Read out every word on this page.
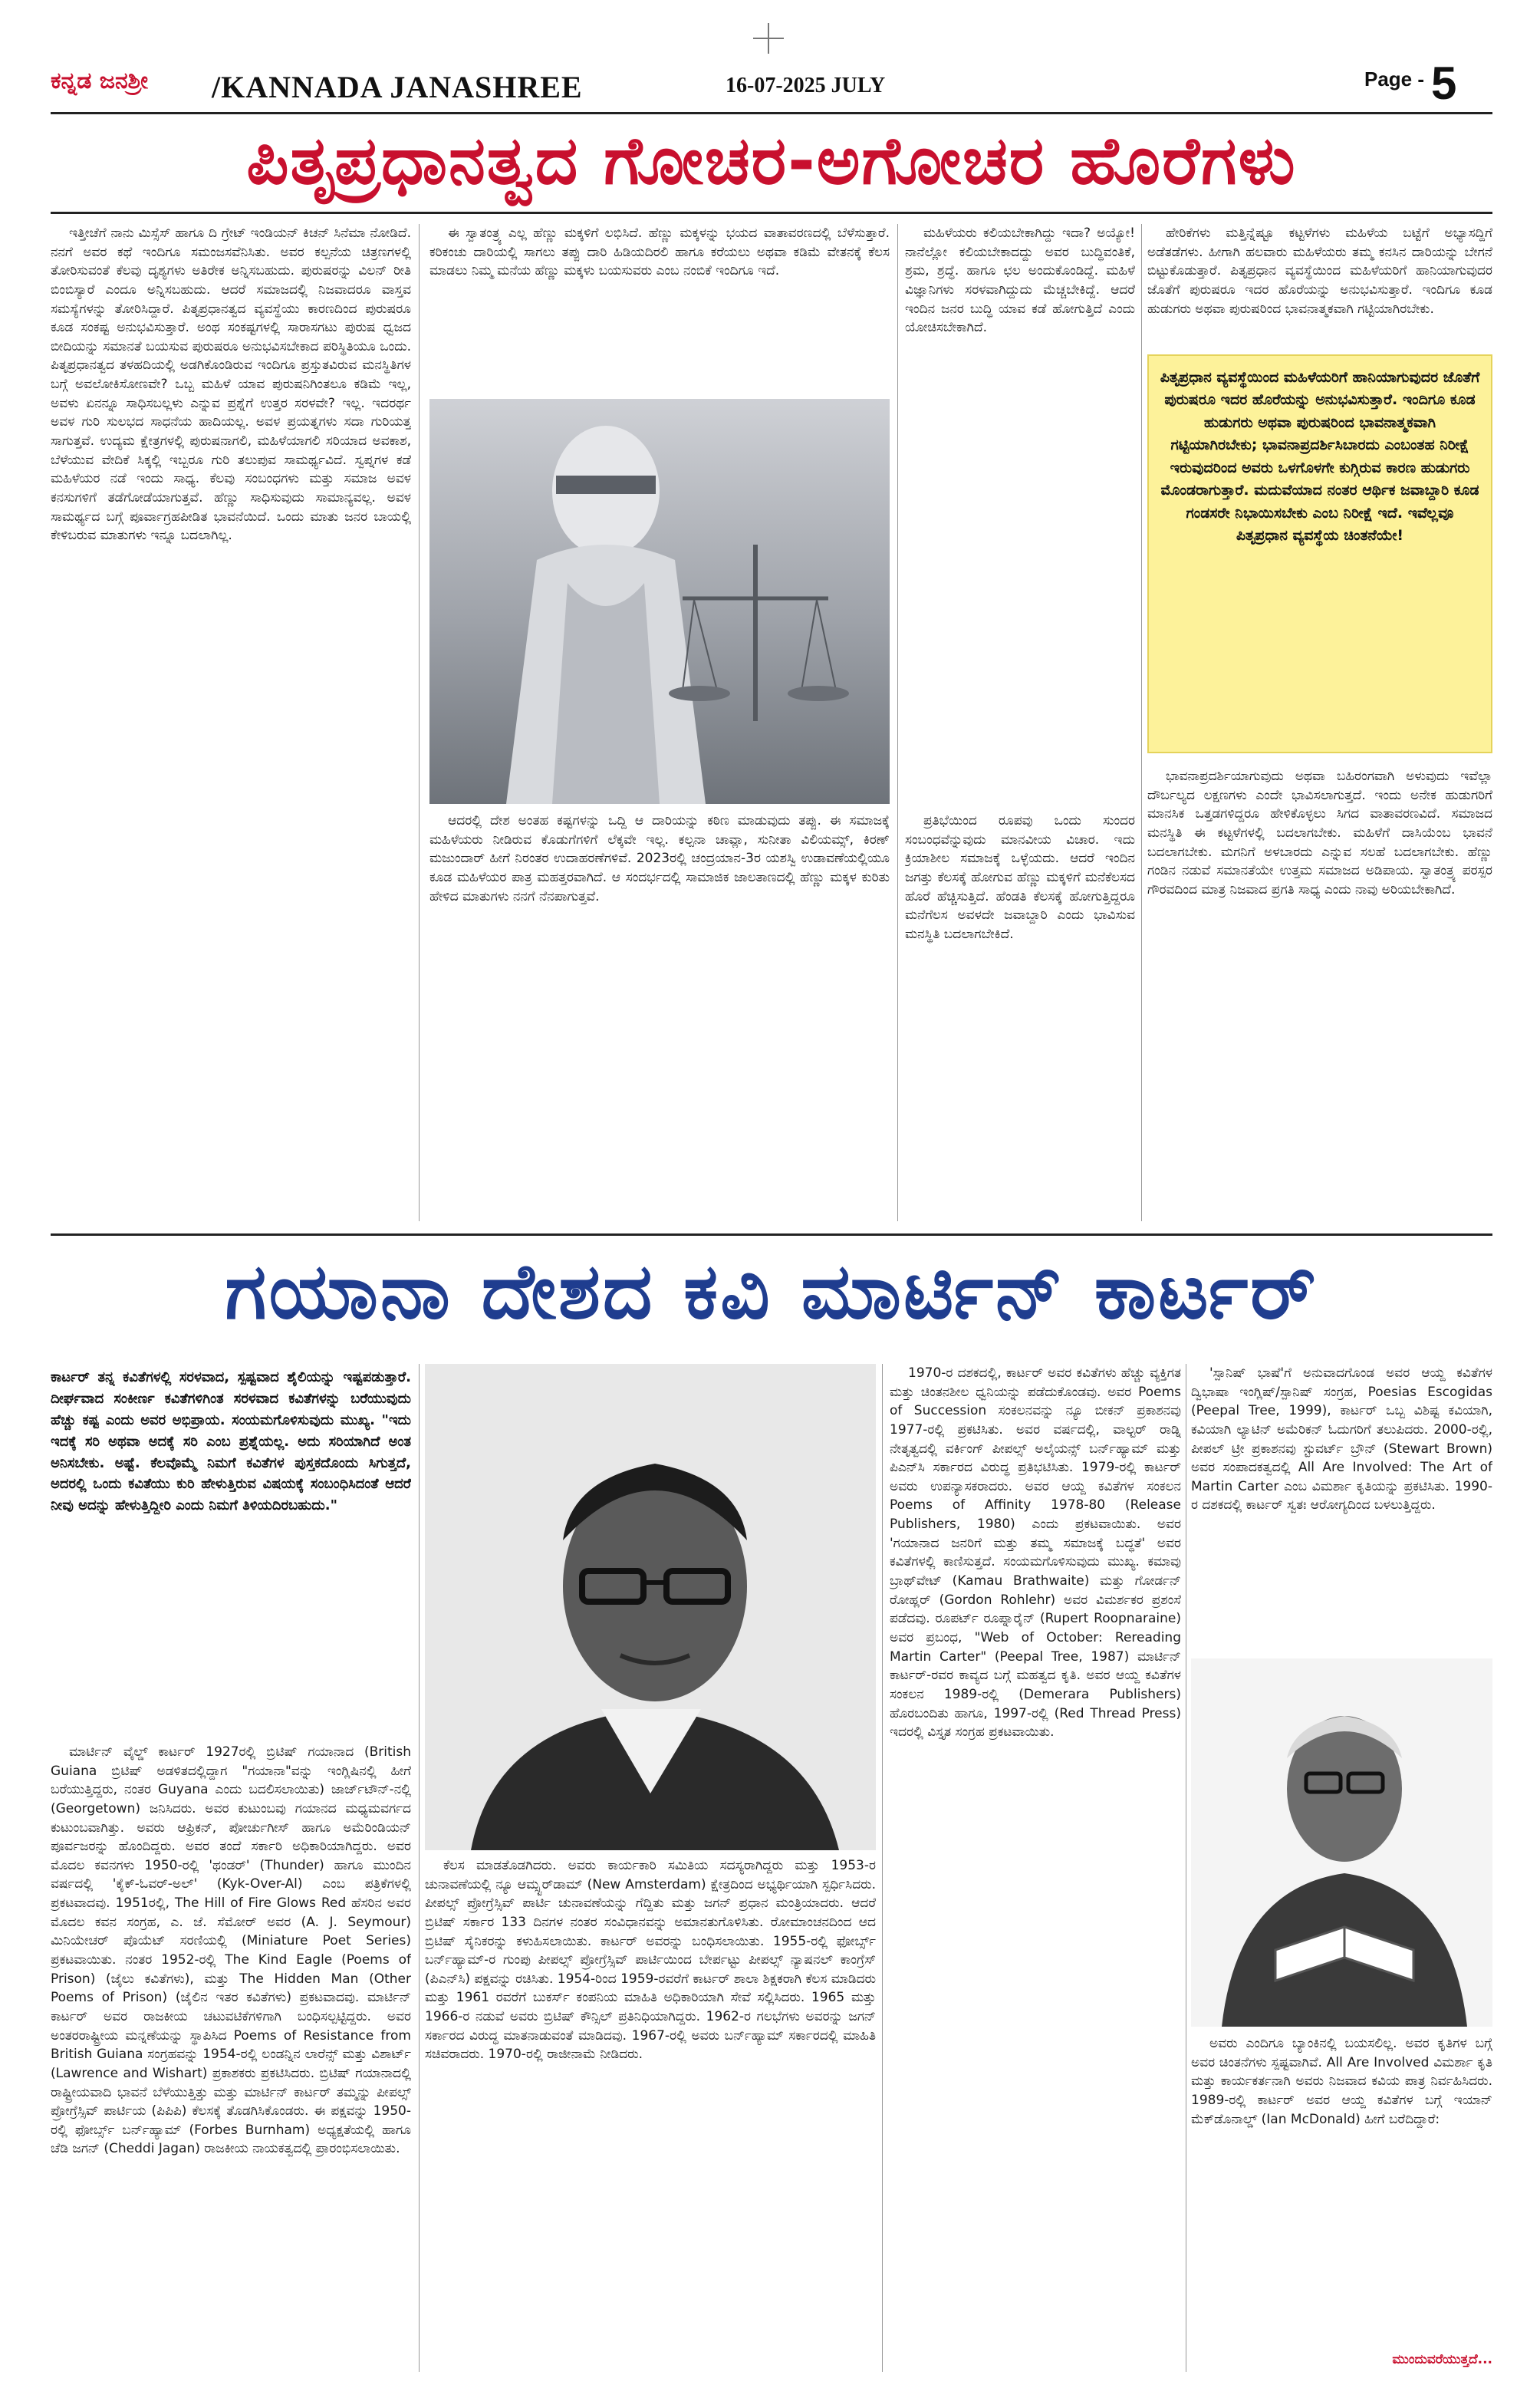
ಕನ್ನಡ ಜನಶ್ರೀ /KANNADA JANASHREE	16-07-2025 JULY	Page - 5
ಪಿತೃಪ್ರಧಾನತ್ವದ ಗೋಚರ-ಅಗೋಚರ ಹೊರೆಗಳು

ಇತ್ತೀಚೆಗೆ ನಾನು ಮಿಸ್ಸೆಸ್ ಹಾಗೂ ದಿ ಗ್ರೇಟ್ ಇಂಡಿಯನ್ ಕಿಚನ್ ಸಿನೆಮಾ ನೋಡಿದೆ. ನನಗೆ ಅವರ ಕಥೆ ಇಂದಿಗೂ ಸಮಂಜಸವೆನಿಸಿತು. ಅವರ ಕಲ್ಪನೆಯ ಚಿತ್ರಣಗಳಲ್ಲಿ ತೋರಿಸುವಂತೆ ಕೆಲವು ದೃಶ್ಯಗಳು ಅತಿರೇಕ ಅನ್ನಿಸಬಹುದು. ಪುರುಷರನ್ನು ವಿಲನ್ ರೀತಿ ಬಿಂಬಿಸ್ಯಾರೆ ಎಂದೂ ಅನ್ನಿಸಬಹುದು. ಆದರೆ ಸಮಾಜದಲ್ಲಿ ನಿಜವಾದರೂ ವಾಸ್ತವ ಸಮಸ್ಯೆಗಳನ್ನು ತೋರಿಸಿದ್ದಾರೆ. ಪಿತೃಪ್ರಧಾನತ್ವದ ವ್ಯವಸ್ಥೆಯು ಕಾರಣದಿಂದ ಪುರುಷರೂ ಕೂಡ ಸಂಕಷ್ಟ ಅನುಭವಿಸುತ್ತಾರೆ. ಅಂಥ ಸಂಕಷ್ಟಗಳಲ್ಲಿ ಸಾರಾಸಗಟು ಪುರುಷ ಧ್ವಜದ ಬೀದಿಯನ್ನು ಸಮಾನತೆ ಬಯಸುವ ಪುರುಷರೂ ಅನುಭವಿಸಬೇಕಾದ ಪರಿಸ್ಥಿತಿಯೂ ಒಂದು. ಪಿತೃಪ್ರಧಾನತ್ವದ ತಳಹದಿಯಲ್ಲಿ ಅಡಗಿಕೊಂಡಿರುವ ಇಂದಿಗೂ ಪ್ರಸ್ತುತವಿರುವ ಮನಸ್ಥಿತಿಗಳ ಬಗ್ಗೆ ಅವಲೋಕಿಸೋಣವೇ? ಒಬ್ಬ ಮಹಿಳೆ ಯಾವ ಪುರುಷನಿಗಿಂತಲೂ ಕಡಿಮೆ ಇಲ್ಲ, ಅವಳು ಏನನ್ನೂ ಸಾಧಿಸಬಲ್ಲಳು ಎನ್ನುವ ಪ್ರಶ್ನೆಗೆ ಉತ್ತರ ಸರಳವೇ? ಇಲ್ಲ. ಇದರರ್ಥ ಅವಳ ಗುರಿ ಸುಲಭದ ಸಾಧನೆಯ ಹಾದಿಯಲ್ಲ. ಅವಳ ಪ್ರಯತ್ನಗಳು ಸದಾ ಗುರಿಯತ್ತ ಸಾಗುತ್ತವೆ. ಉದ್ಯಮ ಕ್ಷೇತ್ರಗಳಲ್ಲಿ ಪುರುಷನಾಗಲಿ, ಮಹಿಳೆಯಾಗಲಿ ಸರಿಯಾದ ಅವಕಾಶ, ಬೆಳೆಯುವ ವೇದಿಕೆ ಸಿಕ್ಕಲ್ಲಿ ಇಬ್ಬರೂ ಗುರಿ ತಲುಪುವ ಸಾಮರ್ಥ್ಯವಿದೆ. ಸ್ವಪ್ನಗಳ ಕಡೆ ಮಹಿಳೆಯರ ನಡೆ ಇಂದು ಸಾಧ್ಯ. ಕೆಲವು ಸಂಬಂಧಗಳು ಮತ್ತು ಸಮಾಜ ಅವಳ ಕನಸುಗಳಿಗೆ ತಡೆಗೋಡೆಯಾಗುತ್ತವೆ. ಹೆಣ್ಣು ಸಾಧಿಸುವುದು ಸಾಮಾನ್ಯವಲ್ಲ. ಅವಳ ಸಾಮರ್ಥ್ಯದ ಬಗ್ಗೆ ಪೂರ್ವಾಗ್ರಹಪೀಡಿತ ಭಾವನೆಯಿದೆ. ಒಂದು ಮಾತು ಜನರ ಬಾಯಲ್ಲಿ ಕೇಳಿಬರುವ ಮಾತುಗಳು ಇನ್ನೂ ಬದಲಾಗಿಲ್ಲ.

ಈ ಸ್ವಾತಂತ್ರ್ಯ ಎಲ್ಲ ಹೆಣ್ಣು ಮಕ್ಕಳಿಗೆ ಲಭಿಸಿದೆ. ಹೆಣ್ಣು ಮಕ್ಕಳನ್ನು ಭಯದ ವಾತಾವರಣದಲ್ಲಿ ಬೆಳೆಸುತ್ತಾರೆ. ಕರಿಕಂಚು ದಾರಿಯಲ್ಲಿ ಸಾಗಲು ತಪ್ಪು ದಾರಿ ಹಿಡಿಯದಿರಲಿ ಹಾಗೂ ಕರೆಯಲು ಅಥವಾ ಕಡಿಮೆ ವೇತನಕ್ಕೆ ಕೆಲಸ ಮಾಡಲು ನಿಮ್ಮ ಮನೆಯ ಹೆಣ್ಣು ಮಕ್ಕಳು ಬಯಸುವರು ಎಂಬ ನಂಬಿಕೆ ಇಂದಿಗೂ ಇದೆ.

ಆದರಲ್ಲಿ ದೇಶ ಅಂತಹ ಕಷ್ಟಗಳನ್ನು ಒದ್ದಿ ಆ ದಾರಿಯನ್ನು ಕಠಿಣ ಮಾಡುವುದು ತಪ್ಪು. ಈ ಸಮಾಜಕ್ಕೆ ಮಹಿಳೆಯರು ನೀಡಿರುವ ಕೊಡುಗೆಗಳಿಗೆ ಲೆಕ್ಕವೇ ಇಲ್ಲ. ಕಲ್ಪನಾ ಚಾವ್ಲಾ, ಸುನೀತಾ ವಿಲಿಯಮ್ಸ್‌, ಕಿರಣ್ ಮಜುಂದಾರ್ ಹೀಗೆ ನಿರಂತರ ಉದಾಹರಣೆಗಳಿವೆ. 2023ರಲ್ಲಿ ಚಂದ್ರಯಾನ-3ರ ಯಶಸ್ವಿ ಉಡಾವಣೆಯಲ್ಲಿಯೂ ಕೂಡ ಮಹಿಳೆಯರ ಪಾತ್ರ ಮಹತ್ತರವಾಗಿದೆ. ಆ ಸಂದರ್ಭದಲ್ಲಿ ಸಾಮಾಜಿಕ ಜಾಲತಾಣದಲ್ಲಿ ಹೆಣ್ಣು ಮಕ್ಕಳ ಕುರಿತು ಹೇಳಿದ ಮಾತುಗಳು ನನಗೆ ನೆನಪಾಗುತ್ತವೆ.

ಮಹಿಳೆಯರು ಕಲಿಯಬೇಕಾಗಿದ್ದು ಇದಾ? ಅಯ್ಯೋ! ನಾನೆಲ್ಲೋ ಕಲಿಯಬೇಕಾದದ್ದು ಅವರ ಬುದ್ಧಿವಂತಿಕೆ, ಶ್ರಮ, ಶ್ರದ್ಧೆ. ಹಾಗೂ ಛಲ ಅಂದುಕೊಂಡಿದ್ದೆ. ಮಹಿಳೆ ವಿಜ್ಞಾನಿಗಳು ಸರಳವಾಗಿದ್ದುದು ಮೆಚ್ಚಬೇಕಿದ್ದೆ. ಆದರೆ ಇಂದಿನ ಜನರ ಬುದ್ಧಿ ಯಾವ ಕಡೆ ಹೋಗುತ್ತಿದೆ ಎಂದು ಯೋಚಿಸಬೇಕಾಗಿದೆ.

ಪ್ರತಿಭೆಯಿಂದ ರೂಪವು ಒಂದು ಸುಂದರ ಸಂಬಂಧವೆನ್ನುವುದು ಮಾನವೀಯ ವಿಚಾರ. ಇದು ಕ್ರಿಯಾಶೀಲ ಸಮಾಜಕ್ಕೆ ಒಳ್ಳೆಯದು. ಆದರೆ ಇಂದಿನ ಜಗತ್ತು ಕೆಲಸಕ್ಕೆ ಹೋಗುವ ಹೆಣ್ಣು ಮಕ್ಕಳಿಗೆ ಮನೆಕೆಲಸದ ಹೊರೆ ಹೆಚ್ಚಿಸುತ್ತಿದೆ. ಹೆಂಡತಿ ಕೆಲಸಕ್ಕೆ ಹೋಗುತ್ತಿದ್ದರೂ ಮನೆಗೆಲಸ ಅವಳದೇ ಜವಾಬ್ದಾರಿ ಎಂದು ಭಾವಿಸುವ ಮನಸ್ಥಿತಿ ಬದಲಾಗಬೇಕಿದೆ.

ಹೇರಿಕೆಗಳು ಮತ್ತಿನ್ನೆಷ್ಟೂ ಕಟ್ಟಳೆಗಳು ಮಹಿಳೆಯ ಬಟ್ಟೆಗೆ ಅಭ್ಯಾಸದ್ದಿಗೆ ಅಡೆತಡೆಗಳು. ಹೀಗಾಗಿ ಹಲವಾರು ಮಹಿಳೆಯರು ತಮ್ಮ ಕನಸಿನ ದಾರಿಯನ್ನು ಬೇಗನೆ ಬಿಟ್ಟುಕೊಡುತ್ತಾರೆ. ಪಿತೃಪ್ರಧಾನ ವ್ಯವಸ್ಥೆಯಿಂದ ಮಹಿಳೆಯರಿಗೆ ಹಾನಿಯಾಗುವುದರ ಜೊತೆಗೆ ಪುರುಷರೂ ಇದರ ಹೊರೆಯನ್ನು ಅನುಭವಿಸುತ್ತಾರೆ. ಇಂದಿಗೂ ಕೂಡ ಹುಡುಗರು ಅಥವಾ ಪುರುಷರಿಂದ ಭಾವನಾತ್ಮಕವಾಗಿ ಗಟ್ಟಿಯಾಗಿರಬೇಕು.

ಪಿತೃಪ್ರಧಾನ ವ್ಯವಸ್ಥೆಯಿಂದ ಮಹಿಳೆಯರಿಗೆ ಹಾನಿಯಾಗುವುದರ ಜೊತೆಗೆ ಪುರುಷರೂ ಇದರ ಹೊರೆಯನ್ನು ಅನುಭವಿಸುತ್ತಾರೆ. ಇಂದಿಗೂ ಕೂಡ ಹುಡುಗರು ಅಥವಾ ಪುರುಷರಿಂದ ಭಾವನಾತ್ಮಕವಾಗಿ ಗಟ್ಟಿಯಾಗಿರಬೇಕು; ಭಾವನಾಪ್ರದರ್ಶಿಸಿಬಾರದು ಎಂಬಂತಹ ನಿರೀಕ್ಷೆ ಇರುವುದರಿಂದ ಅವರು ಒಳಗೊಳಗೇ ಕುಗ್ಗಿರುವ ಕಾರಣ ಹುಡುಗರು ಮೊಂಡರಾಗುತ್ತಾರೆ. ಮದುವೆಯಾದ ನಂತರ ಆರ್ಥಿಕ ಜವಾಬ್ದಾರಿ ಕೂಡ ಗಂಡಸರೇ ನಿಭಾಯಿಸಬೇಕು ಎಂಬ ನಿರೀಕ್ಷೆ ಇದೆ. ಇವೆಲ್ಲವೂ ಪಿತೃಪ್ರಧಾನ ವ್ಯವಸ್ಥೆಯ ಚಿಂತನೆಯೇ!

ಭಾವನಾಪ್ರದರ್ಶಿಯಾಗುವುದು ಅಥವಾ ಬಹಿರಂಗವಾಗಿ ಅಳುವುದು ಇವೆಲ್ಲಾ ದೌರ್ಬಲ್ಯದ ಲಕ್ಷಣಗಳು ಎಂದೇ ಭಾವಿಸಲಾಗುತ್ತದೆ. ಇಂದು ಅನೇಕ ಹುಡುಗರಿಗೆ ಮಾನಸಿಕ ಒತ್ತಡಗಳಿದ್ದರೂ ಹೇಳಿಕೊಳ್ಳಲು ಸಿಗದ ವಾತಾವರಣವಿದೆ. ಸಮಾಜದ ಮನಸ್ಥಿತಿ ಈ ಕಟ್ಟಳೆಗಳಲ್ಲಿ ಬದಲಾಗಬೇಕು. ಮಹಿಳೆಗೆ ದಾಸಿಯೆಂಬ ಭಾವನೆ ಬದಲಾಗಬೇಕು. ಮಗನಿಗೆ ಅಳಬಾರದು ಎನ್ನುವ ಸಲಹೆ ಬದಲಾಗಬೇಕು. ಹೆಣ್ಣು ಗಂಡಿನ ನಡುವೆ ಸಮಾನತೆಯೇ ಉತ್ತಮ ಸಮಾಜದ ಅಡಿಪಾಯ. ಸ್ವಾತಂತ್ರ್ಯ ಪರಸ್ಪರ ಗೌರವದಿಂದ ಮಾತ್ರ ನಿಜವಾದ ಪ್ರಗತಿ ಸಾಧ್ಯ ಎಂದು ನಾವು ಅರಿಯಬೇಕಾಗಿದೆ.

ಗಯಾನಾ ದೇಶದ ಕವಿ ಮಾರ್ಟಿನ್ ಕಾರ್ಟರ್
ಕಾರ್ಟರ್ ತನ್ನ ಕವಿತೆಗಳಲ್ಲಿ ಸರಳವಾದ, ಸ್ಪಷ್ಟವಾದ ಶೈಲಿಯನ್ನು ಇಷ್ಟಪಡುತ್ತಾರೆ. ದೀರ್ಘವಾದ ಸಂಕೀರ್ಣ ಕವಿತೆಗಳಿಗಿಂತ ಸರಳವಾದ ಕವಿತೆಗಳನ್ನು ಬರೆಯುವುದು ಹೆಚ್ಚು ಕಷ್ಟ ಎಂದು ಅವರ ಅಭಿಪ್ರಾಯ. ಸಂಯಮಗೊಳಿಸುವುದು ಮುಖ್ಯ. "ಇದು ಇದಕ್ಕೆ ಸರಿ ಅಥವಾ ಅದಕ್ಕೆ ಸರಿ ಎಂಬ ಪ್ರಶ್ನೆಯಲ್ಲ. ಅದು ಸರಿಯಾಗಿದೆ ಅಂತ ಅನಿಸಬೇಕು. ಅಷ್ಟೆ. ಕೆಲವೊಮ್ಮೆ ನಿಮಗೆ ಕವಿತೆಗಳ ಪುಸ್ತಕದೊಂದು ಸಿಗುತ್ತದೆ, ಅದರಲ್ಲಿ ಒಂದು ಕವಿತೆಯು ಕುರಿ ಹೇಳುತ್ತಿರುವ ವಿಷಯಕ್ಕೆ ಸಂಬಂಧಿಸಿದಂತೆ ಆದರೆ ನೀವು ಅದನ್ನು ಹೇಳುತ್ತಿದ್ದೀರಿ ಎಂದು ನಿಮಗೆ ತಿಳಿಯದಿರಬಹುದು."

ಮಾರ್ಟಿನ್ ವೈಲ್ಡ್ ಕಾರ್ಟರ್ 1927ರಲ್ಲಿ ಬ್ರಿಟಿಷ್ ಗಯಾನಾದ (British Guiana ಬ್ರಿಟಿಷ್ ಅಡಳಿತದಲ್ಲಿದ್ದಾಗ "ಗಯಾನಾ"ವನ್ನು ಇಂಗ್ಲಿಷಿನಲ್ಲಿ ಹೀಗೆ ಬರೆಯುತ್ತಿದ್ದರು, ನಂತರ Guyana ಎಂದು ಬದಲಿಸಲಾಯಿತು) ಜಾರ್ಜ್‌ಟೌನ್-ನಲ್ಲಿ (Georgetown) ಜನಿಸಿದರು. ಅವರ ಕುಟುಂಬವು ಗಯಾನದ ಮಧ್ಯಮವರ್ಗದ ಕುಟುಂಬವಾಗಿತ್ತು. ಅವರು ಆಫ್ರಿಕನ್, ಪೋರ್ಚುಗೀಸ್ ಹಾಗೂ ಅಮೆರಿಂಡಿಯನ್ ಪೂರ್ವಜರನ್ನು ಹೊಂದಿದ್ದರು. ಅವರ ತಂದೆ ಸರ್ಕಾರಿ ಅಧಿಕಾರಿಯಾಗಿದ್ದರು. ಅವರ ಮೊದಲ ಕವನಗಳು 1950-ರಲ್ಲಿ 'ಥಂಡರ್' (Thunder) ಹಾಗೂ ಮುಂದಿನ ವರ್ಷದಲ್ಲಿ 'ಕೈಕ್-ಓವರ್-ಅಲ್' (Kyk-Over-Al) ಎಂಬ ಪತ್ರಿಕೆಗಳಲ್ಲಿ ಪ್ರಕಟವಾದವು. 1951ರಲ್ಲಿ, The Hill of Fire Glows Red ಹೆಸರಿನ ಅವರ ಮೊದಲ ಕವನ ಸಂಗ್ರಹ, ಎ. ಜೆ. ಸೆಮೋರ್ ಅವರ (A. J. Seymour) ಮಿನಿಯೇಚರ್ ಪೊಯೆಟ್ ಸರಣಿಯಲ್ಲಿ (Miniature Poet Series) ಪ್ರಕಟವಾಯಿತು. ನಂತರ 1952-ರಲ್ಲಿ The Kind Eagle (Poems of Prison) (ಜೈಲು ಕವಿತೆಗಳು), ಮತ್ತು The Hidden Man (Other Poems of Prison) (ಜೈಲಿನ ಇತರ ಕವಿತೆಗಳು) ಪ್ರಕಟವಾದವು. ಮಾರ್ಟಿನ್ ಕಾರ್ಟರ್ ಅವರ ರಾಜಕೀಯ ಚಟುವಟಿಕೆಗಳಿಗಾಗಿ ಬಂಧಿಸಲ್ಪಟ್ಟಿದ್ದರು. ಅವರ ಅಂತರರಾಷ್ಟ್ರೀಯ ಮನ್ನಣೆಯನ್ನು ಸ್ಥಾಪಿಸಿದ Poems of Resistance from British Guiana ಸಂಗ್ರಹವನ್ನು 1954-ರಲ್ಲಿ ಲಂಡನ್ನಿನ ಲಾರೆನ್ಸ್ ಮತ್ತು ವಿಶಾರ್ಟ್ (Lawrence and Wishart) ಪ್ರಕಾಶಕರು ಪ್ರಕಟಿಸಿದರು. ಬ್ರಿಟಿಷ್ ಗಯಾನಾದಲ್ಲಿ ರಾಷ್ಟ್ರೀಯವಾದಿ ಭಾವನೆ ಬೆಳೆಯುತ್ತಿತ್ತು ಮತ್ತು ಮಾರ್ಟಿನ್ ಕಾರ್ಟರ್ ತಮ್ಮನ್ನು ಪೀಪಲ್ಸ್ ಪ್ರೋಗ್ರೆಸ್ಸಿವ್ ಪಾರ್ಟಿಯ (ಪಿಪಿಪಿ) ಕೆಲಸಕ್ಕೆ ತೊಡಗಿಸಿಕೊಂಡರು. ಈ ಪಕ್ಷವನ್ನು 1950-ರಲ್ಲಿ ಫೋರ್ಬ್ಸ್ ಬರ್ನ್‌ಹ್ಯಾಮ್ (Forbes Burnham) ಅಧ್ಯಕ್ಷತೆಯಲ್ಲಿ ಹಾಗೂ ಚೆಡಿ ಜಗನ್ (Cheddi Jagan) ರಾಜಕೀಯ ನಾಯಕತ್ವದಲ್ಲಿ ಪ್ರಾರಂಭಿಸಲಾಯಿತು.

ಕೆಲಸ ಮಾಡತೊಡಗಿದರು. ಅವರು ಕಾರ್ಯಕಾರಿ ಸಮಿತಿಯ ಸದಸ್ಯರಾಗಿದ್ದರು ಮತ್ತು 1953-ರ ಚುನಾವಣೆಯಲ್ಲಿ ನ್ಯೂ ಆಮ್ಸ್ಟರ್‌ಡಾಮ್ (New Amsterdam) ಕ್ಷೇತ್ರದಿಂದ ಅಭ್ಯರ್ಥಿಯಾಗಿ ಸ್ಪರ್ಧಿಸಿದರು. ಪೀಪಲ್ಸ್ ಪ್ರೋಗ್ರೆಸ್ಸಿವ್ ಪಾರ್ಟಿ ಚುನಾವಣೆಯನ್ನು ಗೆದ್ದಿತು ಮತ್ತು ಜಗನ್ ಪ್ರಧಾನ ಮಂತ್ರಿಯಾದರು. ಆದರೆ ಬ್ರಿಟಿಷ್ ಸರ್ಕಾರ 133 ದಿನಗಳ ನಂತರ ಸಂವಿಧಾನವನ್ನು ಅಮಾನತುಗೊಳಿಸಿತು. ರೋಮಾಂಚನದಿಂದ ಆದ ಬ್ರಿಟಿಷ್ ಸೈನಿಕರನ್ನು ಕಳುಹಿಸಲಾಯಿತು. ಕಾರ್ಟರ್ ಅವರನ್ನು ಬಂಧಿಸಲಾಯಿತು. 1955-ರಲ್ಲಿ ಫೋರ್ಬ್ಸ್ ಬರ್ನ್‌ಹ್ಯಾಮ್-ರ ಗುಂಪು ಪೀಪಲ್ಸ್ ಪ್ರೋಗ್ರೆಸ್ಸಿವ್ ಪಾರ್ಟಿಯಿಂದ ಬೇರ್ಪಟ್ಟು ಪೀಪಲ್ಸ್ ನ್ಯಾಷನಲ್ ಕಾಂಗ್ರೆಸ್ (ಪಿಎನ್‌ಸಿ) ಪಕ್ಷವನ್ನು ರಚಿಸಿತು. 1954-ರಿಂದ 1959-ರವರೆಗೆ ಕಾರ್ಟರ್ ಶಾಲಾ ಶಿಕ್ಷಕರಾಗಿ ಕೆಲಸ ಮಾಡಿದರು ಮತ್ತು 1961 ರವರೆಗೆ ಬುಕರ್ಸ್ ಕಂಪನಿಯ ಮಾಹಿತಿ ಅಧಿಕಾರಿಯಾಗಿ ಸೇವೆ ಸಲ್ಲಿಸಿದರು. 1965 ಮತ್ತು 1966-ರ ನಡುವೆ ಅವರು ಬ್ರಿಟಿಷ್ ಕೌನ್ಸಿಲ್ ಪ್ರತಿನಿಧಿಯಾಗಿದ್ದರು. 1962-ರ ಗಲಭೆಗಳು ಅವರನ್ನು ಜಗನ್ ಸರ್ಕಾರದ ವಿರುದ್ಧ ಮಾತನಾಡುವಂತೆ ಮಾಡಿದವು. 1967-ರಲ್ಲಿ ಅವರು ಬರ್ನ್‌ಹ್ಯಾಮ್ ಸರ್ಕಾರದಲ್ಲಿ ಮಾಹಿತಿ ಸಚಿವರಾದರು. 1970-ರಲ್ಲಿ ರಾಜೀನಾಮೆ ನೀಡಿದರು.

1970-ರ ದಶಕದಲ್ಲಿ, ಕಾರ್ಟರ್ ಅವರ ಕವಿತೆಗಳು ಹೆಚ್ಚು ವ್ಯಕ್ತಿಗತ ಮತ್ತು ಚಿಂತನಶೀಲ ಧ್ವನಿಯನ್ನು ಪಡೆದುಕೊಂಡವು. ಅವರ Poems of Succession ಸಂಕಲನವನ್ನು ನ್ಯೂ ಬೀಕನ್ ಪ್ರಕಾಶನವು 1977-ರಲ್ಲಿ ಪ್ರಕಟಿಸಿತು. ಅವರ ವರ್ಷದಲ್ಲಿ, ವಾಲ್ಟರ್ ರಾಡ್ನಿ ನೇತೃತ್ವದಲ್ಲಿ ವರ್ಕಿಂಗ್ ಪೀಪಲ್ಸ್ ಅಲೈಯನ್ಸ್ ಬರ್ನ್‌ಹ್ಯಾಮ್ ಮತ್ತು ಪಿಎನ್‌ಸಿ ಸರ್ಕಾರದ ವಿರುದ್ಧ ಪ್ರತಿಭಟಿಸಿತು. 1979-ರಲ್ಲಿ ಕಾರ್ಟರ್ ಅವರು ಉಪನ್ಯಾಸಕರಾದರು. ಅವರ ಆಯ್ದ ಕವಿತೆಗಳ ಸಂಕಲನ Poems of Affinity 1978-80 (Release Publishers, 1980) ಎಂದು ಪ್ರಕಟವಾಯಿತು. ಅವರ 'ಗಯಾನಾದ ಜನರಿಗೆ ಮತ್ತು ತಮ್ಮ ಸಮಾಜಕ್ಕೆ ಬದ್ಧತೆ' ಅವರ ಕವಿತೆಗಳಲ್ಲಿ ಕಾಣಿಸುತ್ತದೆ. ಸಂಯಮಗೊಳಿಸುವುದು ಮುಖ್ಯ. ಕಮಾವು ಬ್ರಾಥ್‌ವೇಟ್ (Kamau Brathwaite) ಮತ್ತು ಗೋರ್ಡನ್ ರೋಹ್ಲರ್ (Gordon Rohlehr) ಅವರ ವಿಮರ್ಶಕರ ಪ್ರಶಂಸೆ ಪಡೆದವು. ರೂಪರ್ಟ್ ರೂಪ್ನಾರೈನ್ (Rupert Roopnaraine) ಅವರ ಪ್ರಬಂಧ, "Web of October: Rereading Martin Carter" (Peepal Tree, 1987) ಮಾರ್ಟಿನ್ ಕಾರ್ಟರ್-ರವರ ಕಾವ್ಯದ ಬಗ್ಗೆ ಮಹತ್ವದ ಕೃತಿ. ಅವರ ಆಯ್ದ ಕವಿತೆಗಳ ಸಂಕಲನ 1989-ರಲ್ಲಿ (Demerara Publishers) ಹೊರಬಂದಿತು ಹಾಗೂ, 1997-ರಲ್ಲಿ (Red Thread Press) ಇದರಲ್ಲಿ ವಿಸ್ತೃತ ಸಂಗ್ರಹ ಪ್ರಕಟವಾಯಿತು.

'ಸ್ಪಾನಿಷ್ ಭಾಷೆ'ಗೆ ಅನುವಾದಗೊಂಡ ಅವರ ಆಯ್ದ ಕವಿತೆಗಳ ದ್ವಿಭಾಷಾ ಇಂಗ್ಲಿಷ್/ಸ್ಪಾನಿಷ್ ಸಂಗ್ರಹ, Poesias Escogidas (Peepal Tree, 1999), ಕಾರ್ಟರ್ ಒಬ್ಬ ವಿಶಿಷ್ಟ ಕವಿಯಾಗಿ, ಕವಿಯಾಗಿ ಲ್ಯಾಟಿನ್ ಅಮೆರಿಕನ್ ಓದುಗರಿಗೆ ತಲುಪಿದರು. 2000-ರಲ್ಲಿ, ಪೀಪಲ್ ಟ್ರೀ ಪ್ರಕಾಶನವು ಸ್ಟುವರ್ಟ್ ಬ್ರೌನ್ (Stewart Brown) ಅವರ ಸಂಪಾದಕತ್ವದಲ್ಲಿ All Are Involved: The Art of Martin Carter ಎಂಬ ವಿಮರ್ಶಾ ಕೃತಿಯನ್ನು ಪ್ರಕಟಿಸಿತು. 1990-ರ ದಶಕದಲ್ಲಿ ಕಾರ್ಟರ್ ಸ್ವತಃ ಆರೋಗ್ಯದಿಂದ ಬಳಲುತ್ತಿದ್ದರು.

ಅವರು ಎಂದಿಗೂ ಬ್ಯಾಂಕಿನಲ್ಲಿ ಬಯಸಲಿಲ್ಲ. ಅವರ ಕೃತಿಗಳ ಬಗ್ಗೆ ಅವರ ಚಿಂತನೆಗಳು ಸ್ಪಷ್ಟವಾಗಿವೆ. All Are Involved ವಿಮರ್ಶಾ ಕೃತಿ ಮತ್ತು ಕಾರ್ಯಕರ್ತನಾಗಿ ಅವರು ನಿಜವಾದ ಕವಿಯ ಪಾತ್ರ ನಿರ್ವಹಿಸಿದರು. 1989-ರಲ್ಲಿ ಕಾರ್ಟರ್ ಅವರ ಆಯ್ದ ಕವಿತೆಗಳ ಬಗ್ಗೆ ಇಯಾನ್ ಮೆಕ್‌ಡೊನಾಲ್ಡ್ (Ian McDonald) ಹೀಗೆ ಬರೆದಿದ್ದಾರೆ:

ಮುಂದುವರೆಯುತ್ತದೆ...
